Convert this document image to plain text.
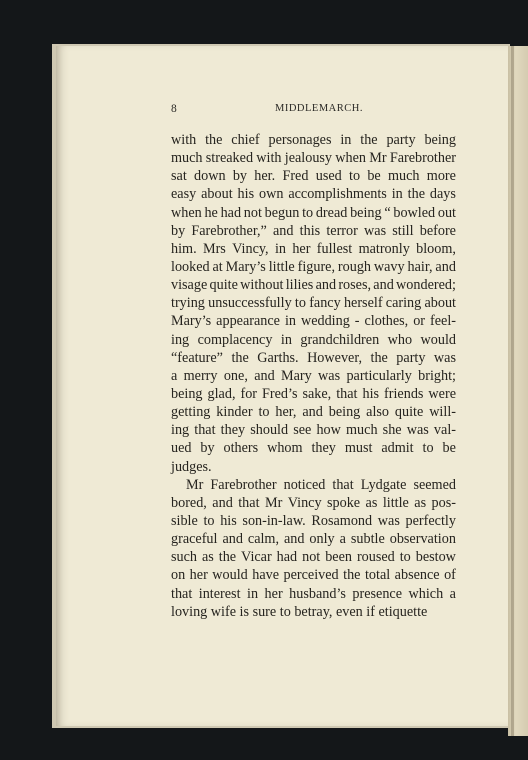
8	MIDDLEMARCH.
with the chief personages in the party being
much streaked with jealousy when Mr Farebrother
sat down by her. Fred used to be much more
easy about his own accomplishments in the days
when he had not begun to dread being “ bowled out
by Farebrother,” and this terror was still before
him. Mrs Vincy, in her fullest matronly bloom,
looked at Mary’s little figure, rough wavy hair, and
visage quite without lilies and roses, and wondered;
trying unsuccessfully to fancy herself caring about
Mary’s appearance in wedding - clothes, or feel-
ing complacency in grandchildren who would
“feature” the Garths. However, the party was
a merry one, and Mary was particularly bright;
being glad, for Fred’s sake, that his friends were
getting kinder to her, and being also quite will-
ing that they should see how much she was val-
ued by others whom they must admit to be
judges.
Mr Farebrother noticed that Lydgate seemed
bored, and that Mr Vincy spoke as little as pos-
sible to his son-in-law. Rosamond was perfectly
graceful and calm, and only a subtle observation
such as the Vicar had not been roused to bestow
on her would have perceived the total absence of
that interest in her husband’s presence which a
loving wife is sure to betray, even if etiquette
